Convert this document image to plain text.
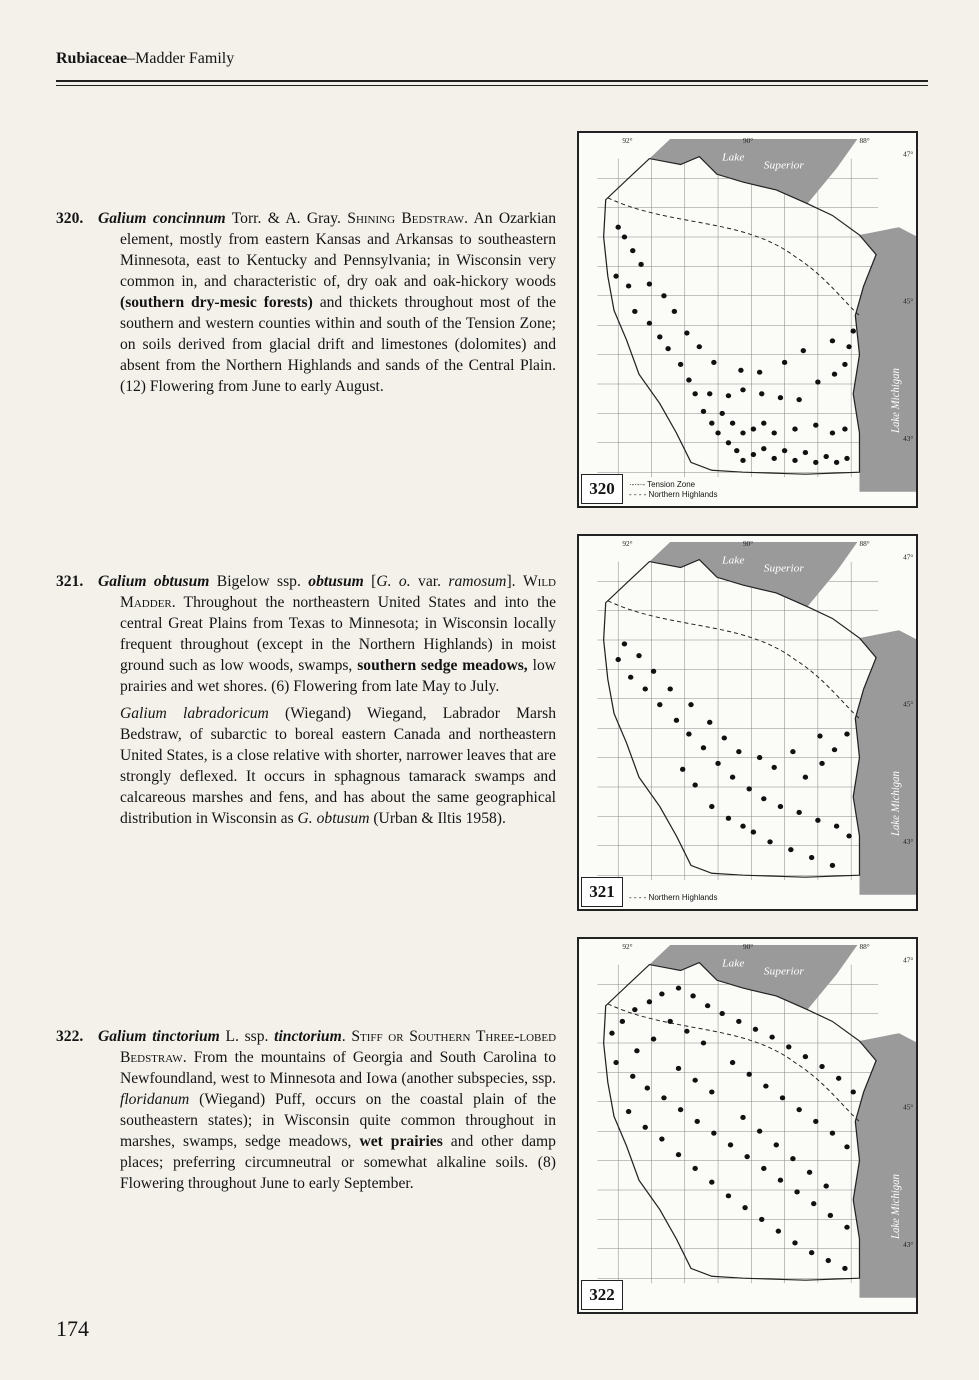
Rubiaceae–Madder Family

320. Galium concinnum Torr. & A. Gray. Shining Bedstraw. An Ozarkian element, mostly from eastern Kansas and Arkansas to southeastern Minnesota, east to Kentucky and Pennsylvania; in Wisconsin very common in, and characteristic of, dry oak and oak-hickory woods (southern dry-mesic forests) and thickets throughout most of the southern and western counties within and south of the Tension Zone; on soils derived from glacial drift and limestones (dolomites) and absent from the Northern Highlands and sands of the Central Plain. (12) Flowering from June to early August.

321. Galium obtusum Bigelow ssp. obtusum [G. o. var. ramosum]. Wild Madder. Throughout the northeastern United States and into the central Great Plains from Texas to Minnesota; in Wisconsin locally frequent throughout (except in the Northern Highlands) in moist ground such as low woods, swamps, southern sedge meadows, low prairies and wet shores. (6) Flowering from late May to July.

Galium labradoricum (Wiegand) Wiegand, Labrador Marsh Bedstraw, of subarctic to boreal eastern Canada and northeastern United States, is a close relative with shorter, narrower leaves that are strongly deflexed. It occurs in sphagnous tamarack swamps and calcareous marshes and fens, and has about the same geographical distribution in Wisconsin as G. obtusum (Urban & Iltis 1958).

322. Galium tinctorium L. ssp. tinctorium. Stiff or Southern Three-lobed Bedstraw. From the mountains of Georgia and South Carolina to Newfoundland, west to Minnesota and Iowa (another subspecies, ssp. floridanum (Wiegand) Puff, occurs on the coastal plain of the southeastern states); in Wisconsin quite common throughout in marshes, swamps, sedge meadows, wet prairies and other damp places; preferring circumneutral or somewhat alkaline soils. (8) Flowering throughout June to early September.

Lake
Superior
Lake Michigan
92°	90°	88°
47°
45°
43°
320	·-·-·- Tension Zone
- - - - Northern Highlands
Lake
Superior
Lake Michigan
92°	90°	88°
47°
45°
43°
321	- - - - Northern Highlands
Lake
Superior
Lake Michigan
92°	90°	88°
47°
45°
43°
322
174
